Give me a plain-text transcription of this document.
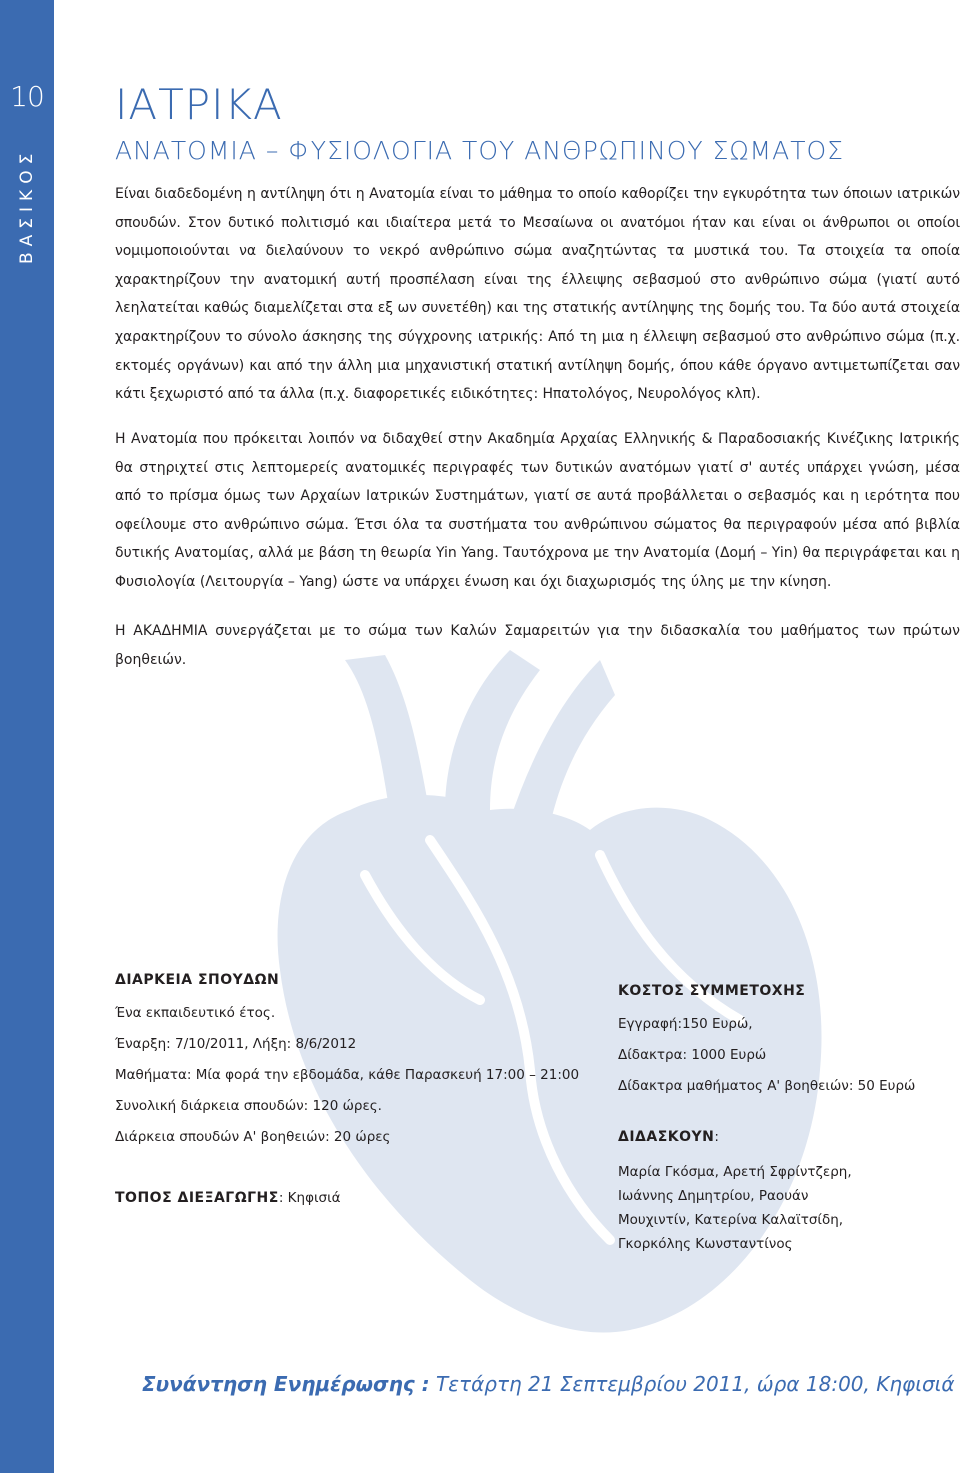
10
ΒΑΣΙΚΟΣ ΚΟΡΜΟΣ
ΙΑΤΡΙΚΑ
ΑΝΑΤΟΜΙΑ – ΦΥΣΙΟΛΟΓΙΑ ΤΟΥ ΑΝΘΡΩΠΙΝΟΥ ΣΩΜΑΤΟΣ

Είναι διαδεδομένη η αντίληψη ότι η Ανατομία είναι το μάθημα το οποίο καθορίζει την εγκυρότητα των όποιων ιατρικών σπουδών. Στον δυτικό πολιτισμό και ιδιαίτερα μετά το Μεσαίωνα οι ανατόμοι ήταν και είναι οι άνθρωποι οι οποίοι νομιμοποιούνται να διελαύνουν το νεκρό ανθρώπινο σώμα αναζητώντας τα μυστικά του. Τα στοιχεία τα οποία χαρακτηρίζουν την ανατομική αυτή προσπέλαση είναι της έλλειψης σεβασμού στο ανθρώπινο σώμα (γιατί αυτό λεηλατείται καθώς διαμελίζεται στα εξ ων συνετέθη) και της στατικής αντίληψης της δομής του. Τα δύο αυτά στοιχεία χαρακτηρίζουν το σύνολο άσκησης της σύγχρονης ιατρικής: Από τη μια η έλλειψη σεβασμού στο ανθρώπινο σώμα (π.χ. εκτομές οργάνων) και από την άλλη μια μηχανιστική στατική αντίληψη δομής, όπου κάθε όργανο αντιμετωπίζεται σαν κάτι ξεχωριστό από τα άλλα (π.χ. διαφορετικές ειδικότητες: Ηπατολόγος, Νευρολόγος κλπ).

Η Ανατομία που πρόκειται λοιπόν να διδαχθεί στην Ακαδημία Αρχαίας Ελληνικής & Παραδοσιακής Κινέζικης Ιατρικής θα στηριχτεί στις λεπτομερείς ανατομικές περιγραφές των δυτικών ανατόμων γιατί σ' αυτές υπάρχει γνώση, μέσα από το πρίσμα όμως των Αρχαίων Ιατρικών Συστημάτων, γιατί σε αυτά προβάλλεται ο σεβασμός και η ιερότητα που οφείλουμε στο ανθρώπινο σώμα. Έτσι όλα τα συστήματα του ανθρώπινου σώματος θα περιγραφούν μέσα από βιβλία δυτικής Ανατομίας, αλλά με βάση τη θεωρία Yin Yang. Ταυτόχρονα με την Ανατομία (Δομή – Yin) θα περιγράφεται και η Φυσιολογία (Λειτουργία – Yang) ώστε να υπάρχει ένωση και όχι διαχωρισμός της ύλης με την κίνηση.

Η ΑΚΑΔΗΜΙΑ συνεργάζεται με το σώμα των Καλών Σαμαρειτών για την διδασκαλία του μαθήματος των πρώτων βοηθειών.

ΔΙΑΡΚΕΙΑ ΣΠΟΥΔΩΝ
Ένα εκπαιδευτικό έτος.
Έναρξη: 7/10/2011, Λήξη: 8/6/2012
Μαθήματα: Μία φορά την εβδομάδα, κάθε Παρασκευή 17:00 – 21:00
Συνολική διάρκεια σπουδών: 120 ώρες.
Διάρκεια σπουδών Α' βοηθειών: 20 ώρες
ΤΟΠΟΣ ΔΙΕΞΑΓΩΓΗΣ: Κηφισιά
ΚΟΣΤΟΣ ΣΥΜΜΕΤΟΧΗΣ
Εγγραφή:150 Ευρώ,
Δίδακτρα: 1000 Ευρώ
Δίδακτρα μαθήματος Α' βοηθειών: 50 Ευρώ
ΔΙΔΑΣΚΟΥΝ:
Μαρία Γκόσμα, Αρετή Σφρίντζερη,
Ιωάννης Δημητρίου, Ραουάν
Μουχιντίν, Κατερίνα Καλαϊτσίδη,
Γκορκόλης Κωνσταντίνος
Συνάντηση Ενημέρωσης : Τετάρτη 21 Σεπτεμβρίου 2011, ώρα 18:00, Κηφισιά
